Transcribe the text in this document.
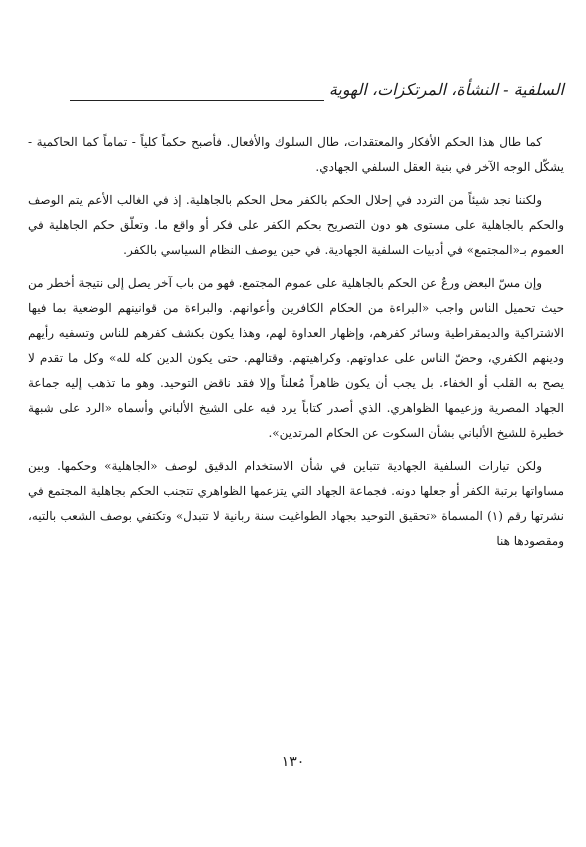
السلفية - النشأة، المرتكزات، الهوية

كما طال هذا الحكم الأفكار والمعتقدات، طال السلوك والأفعال. فأصبح حكماً كلياً - تماماً كما الحاكمية - يشكّل الوجه الآخر في بنية العقل السلفي الجهادي.

ولكننا نجد شيئاً من التردد في إحلال الحكم بالكفر محل الحكم بالجاهلية. إذ في الغالب الأعم يتم الوصف والحكم بالجاهلية على مستوى هو دون التصريح بحكم الكفر على فكر أو واقع ما. وتعلّق حكم الجاهلية في العموم بـ«المجتمع» في أدبيات السلفية الجهادية. في حين يوصف النظام السياسي بالكفر.

وإن مسّ البعض ورعٌ عن الحكم بالجاهلية على عموم المجتمع. فهو من باب آخر يصل إلى نتيجة أخطر من حيث تحميل الناس واجب «البراءة من الحكام الكافرين وأعوانهم. والبراءة من قوانينهم الوضعية بما فيها الاشتراكية والديمقراطية وسائر كفرهم، وإظهار العداوة لهم، وهذا يكون بكشف كفرهم للناس وتسفيه رأيهم ودينهم الكفري، وحضّ الناس على عداوتهم. وكراهيتهم. وقتالهم. حتى يكون الدين كله لله» وكل ما تقدم لا يصح به القلب أو الخفاء. بل يجب أن يكون ظاهراً مُعلناً وإلا فقد ناقض التوحيد. وهو ما تذهب إليه جماعة الجهاد المصرية وزعيمها الظواهري. الذي أصدر كتاباً يرد فيه على الشيخ الألباني وأسماه «الرد على شبهة خطيرة للشيخ الألباني بشأن السكوت عن الحكام المرتدين».

ولكن تيارات السلفية الجهادية تتباين في شأن الاستخدام الدقيق لوصف «الجاهلية» وحكمها. وبين مساواتها برتبة الكفر أو جعلها دونه. فجماعة الجهاد التي يتزعمها الظواهري تتجنب الحكم بجاهلية المجتمع في نشرتها رقم (١) المسماة «تحقيق التوحيد بجهاد الطواغيت سنة ربانية لا تتبدل» وتكتفي بوصف الشعب بالتيه، ومقصودها هنا

١٣٠
